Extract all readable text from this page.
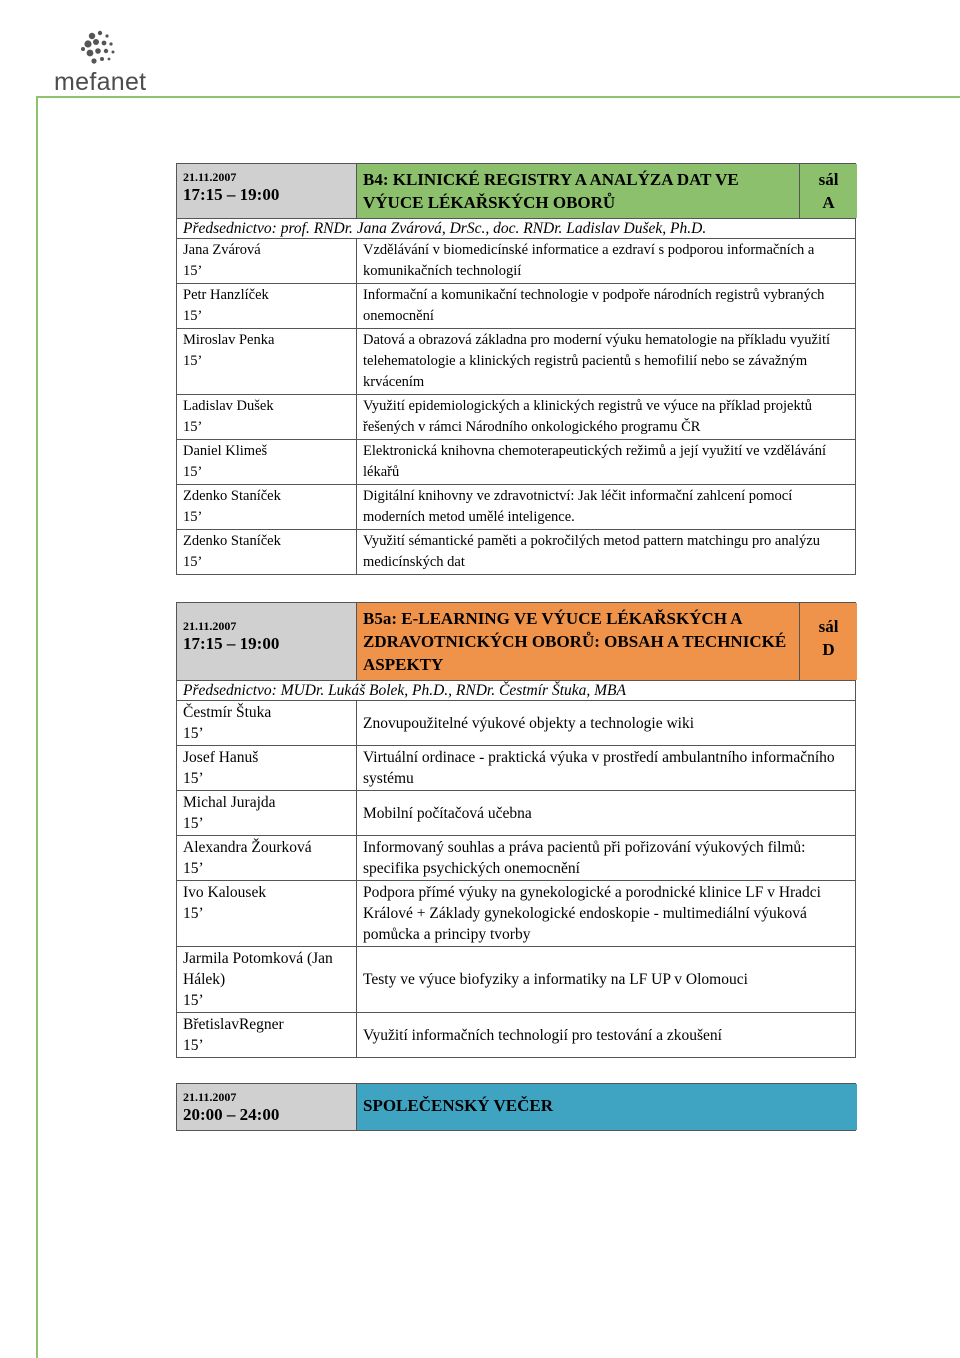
mefanet
21.11.2007
17:15 – 19:00
B4: KLINICKÉ REGISTRY A ANALÝZA DAT VE VÝUCE LÉKAŘSKÝCH OBORŮ
sál
A
Předsednictvo: prof. RNDr. Jana Zvárová, DrSc., doc. RNDr. Ladislav Dušek, Ph.D.
Jana Zvárová
15’
Vzdělávání v biomedicínské informatice a ezdraví s podporou informačních a komunikačních technologií
Petr Hanzlíček
15’
Informační a komunikační technologie v podpoře národních registrů vybraných onemocnění
Miroslav Penka
15’
Datová a obrazová základna pro moderní výuku hematologie na příkladu využití telehematologie a klinických registrů pacientů s hemofilií nebo se závažným krvácením
Ladislav Dušek
15’
Využití epidemiologických a klinických registrů ve výuce na příklad projektů řešených v rámci Národního onkologického programu ČR
Daniel Klimeš
15’
Elektronická knihovna chemoterapeutických režimů a její využití ve vzdělávání lékařů
Zdenko Staníček
15’
Digitální knihovny ve zdravotnictví: Jak léčit informační zahlcení pomocí moderních metod umělé inteligence.
Zdenko Staníček
15’
Využití sémantické paměti a pokročilých metod pattern matchingu pro analýzu medicínských dat
21.11.2007
17:15 – 19:00
B5a: E-LEARNING VE VÝUCE LÉKAŘSKÝCH A ZDRAVOTNICKÝCH OBORŮ: OBSAH A TECHNICKÉ ASPEKTY
sál
D
Předsednictvo: MUDr. Lukáš Bolek, Ph.D., RNDr. Čestmír Štuka, MBA
Čestmír Štuka
15’
Znovupoužitelné výukové objekty a technologie wiki
Josef Hanuš
15’
Virtuální ordinace - praktická výuka v prostředí ambulantního informačního systému
Michal Jurajda
15’
Mobilní počítačová učebna
Alexandra Žourková
15’
Informovaný souhlas a práva pacientů při pořizování výukových filmů: specifika psychických onemocnění
Ivo Kalousek
15’
Podpora přímé výuky na gynekologické a porodnické klinice LF v Hradci Králové + Základy gynekologické endoskopie - multimediální výuková pomůcka a principy tvorby
Jarmila Potomková (Jan Hálek)
15’
Testy ve výuce biofyziky a informatiky na LF UP v Olomouci
BřetislavRegner
15’
Využití informačních technologií pro testování a zkoušení
21.11.2007
20:00 – 24:00	SPOLEČENSKÝ VEČER
